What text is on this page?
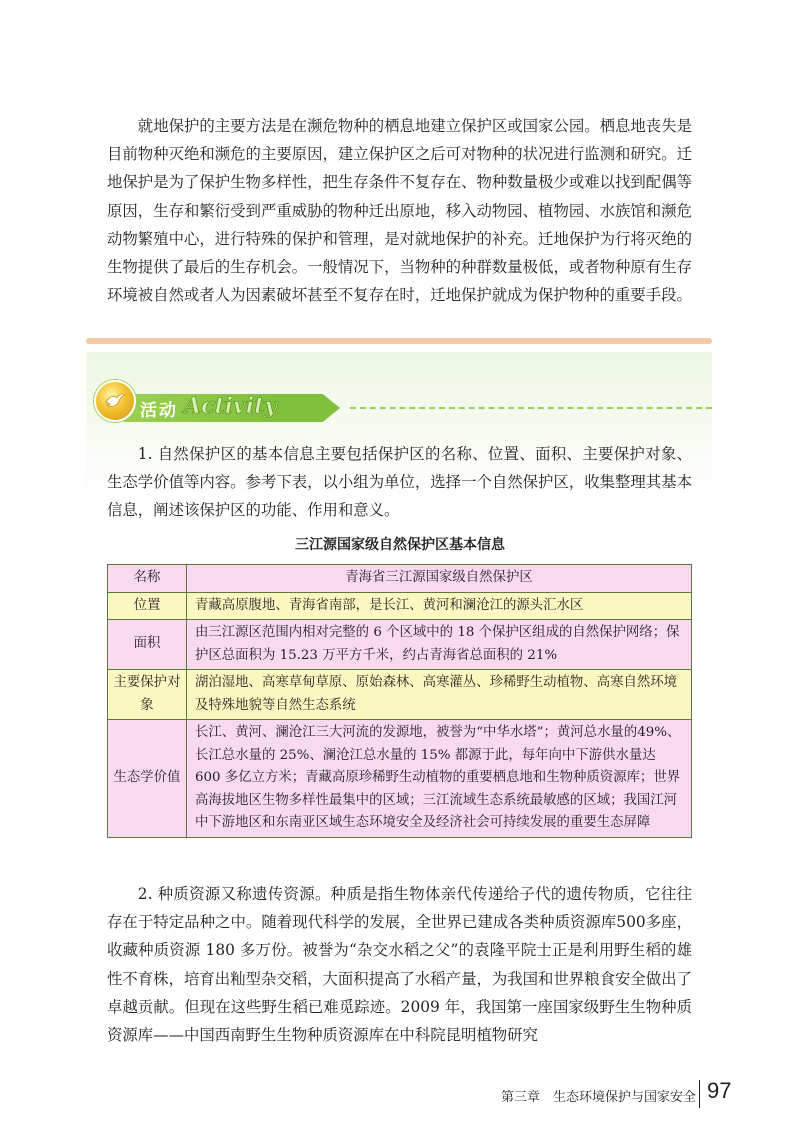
就地保护的主要方法是在濒危物种的栖息地建立保护区或国家公园。栖息地丧失是目前物种灭绝和濒危的主要原因，建立保护区之后可对物种的状况进行监测和研究。迁地保护是为了保护生物多样性，把生存条件不复存在、物种数量极少或难以找到配偶等原因，生存和繁衍受到严重威胁的物种迁出原地，移入动物园、植物园、水族馆和濒危动物繁殖中心，进行特殊的保护和管理，是对就地保护的补充。迁地保护为行将灭绝的生物提供了最后的生存机会。一般情况下，当物种的种群数量极低，或者物种原有生存环境被自然或者人为因素破坏甚至不复存在时，迁地保护就成为保护物种的重要手段。

活动 Activity

1. 自然保护区的基本信息主要包括保护区的名称、位置、面积、主要保护对象、生态学价值等内容。参考下表，以小组为单位，选择一个自然保护区，收集整理其基本信息，阐述该保护区的功能、作用和意义。

三江源国家级自然保护区基本信息
名称	青海省三江源国家级自然保护区
位置	青藏高原腹地、青海省南部，是长江、黄河和澜沧江的源头汇水区
面积	由三江源区范围内相对完整的 6 个区域中的 18 个保护区组成的自然保护网络；保护区总面积为 15.23 万平方千米，约占青海省总面积的 21%
主要保护对象	湖泊湿地、高寒草甸草原、原始森林、高寒灌丛、珍稀野生动植物、高寒自然环境及特殊地貌等自然生态系统
生态学价值	长江、黄河、澜沧江三大河流的发源地，被誉为“中华水塔”；黄河总水量的49%、长江总水量的 25%、澜沧江总水量的 15% 都源于此，每年向中下游供水量达 600 多亿立方米；青藏高原珍稀野生动植物的重要栖息地和生物种质资源库；世界高海拔地区生物多样性最集中的区域；三江流域生态系统最敏感的区域；我国江河中下游地区和东南亚区域生态环境安全及经济社会可持续发展的重要生态屏障

2. 种质资源又称遗传资源。种质是指生物体亲代传递给子代的遗传物质，它往往存在于特定品种之中。随着现代科学的发展，全世界已建成各类种质资源库500多座，收藏种质资源 180 多万份。被誉为“杂交水稻之父”的袁隆平院士正是利用野生稻的雄性不育株，培育出籼型杂交稻，大面积提高了水稻产量，为我国和世界粮食安全做出了卓越贡献。但现在这些野生稻已难觅踪迹。2009 年，我国第一座国家级野生生物种质资源库——中国西南野生生物种质资源库在中科院昆明植物研究

第三章　生态环境保护与国家安全 97
